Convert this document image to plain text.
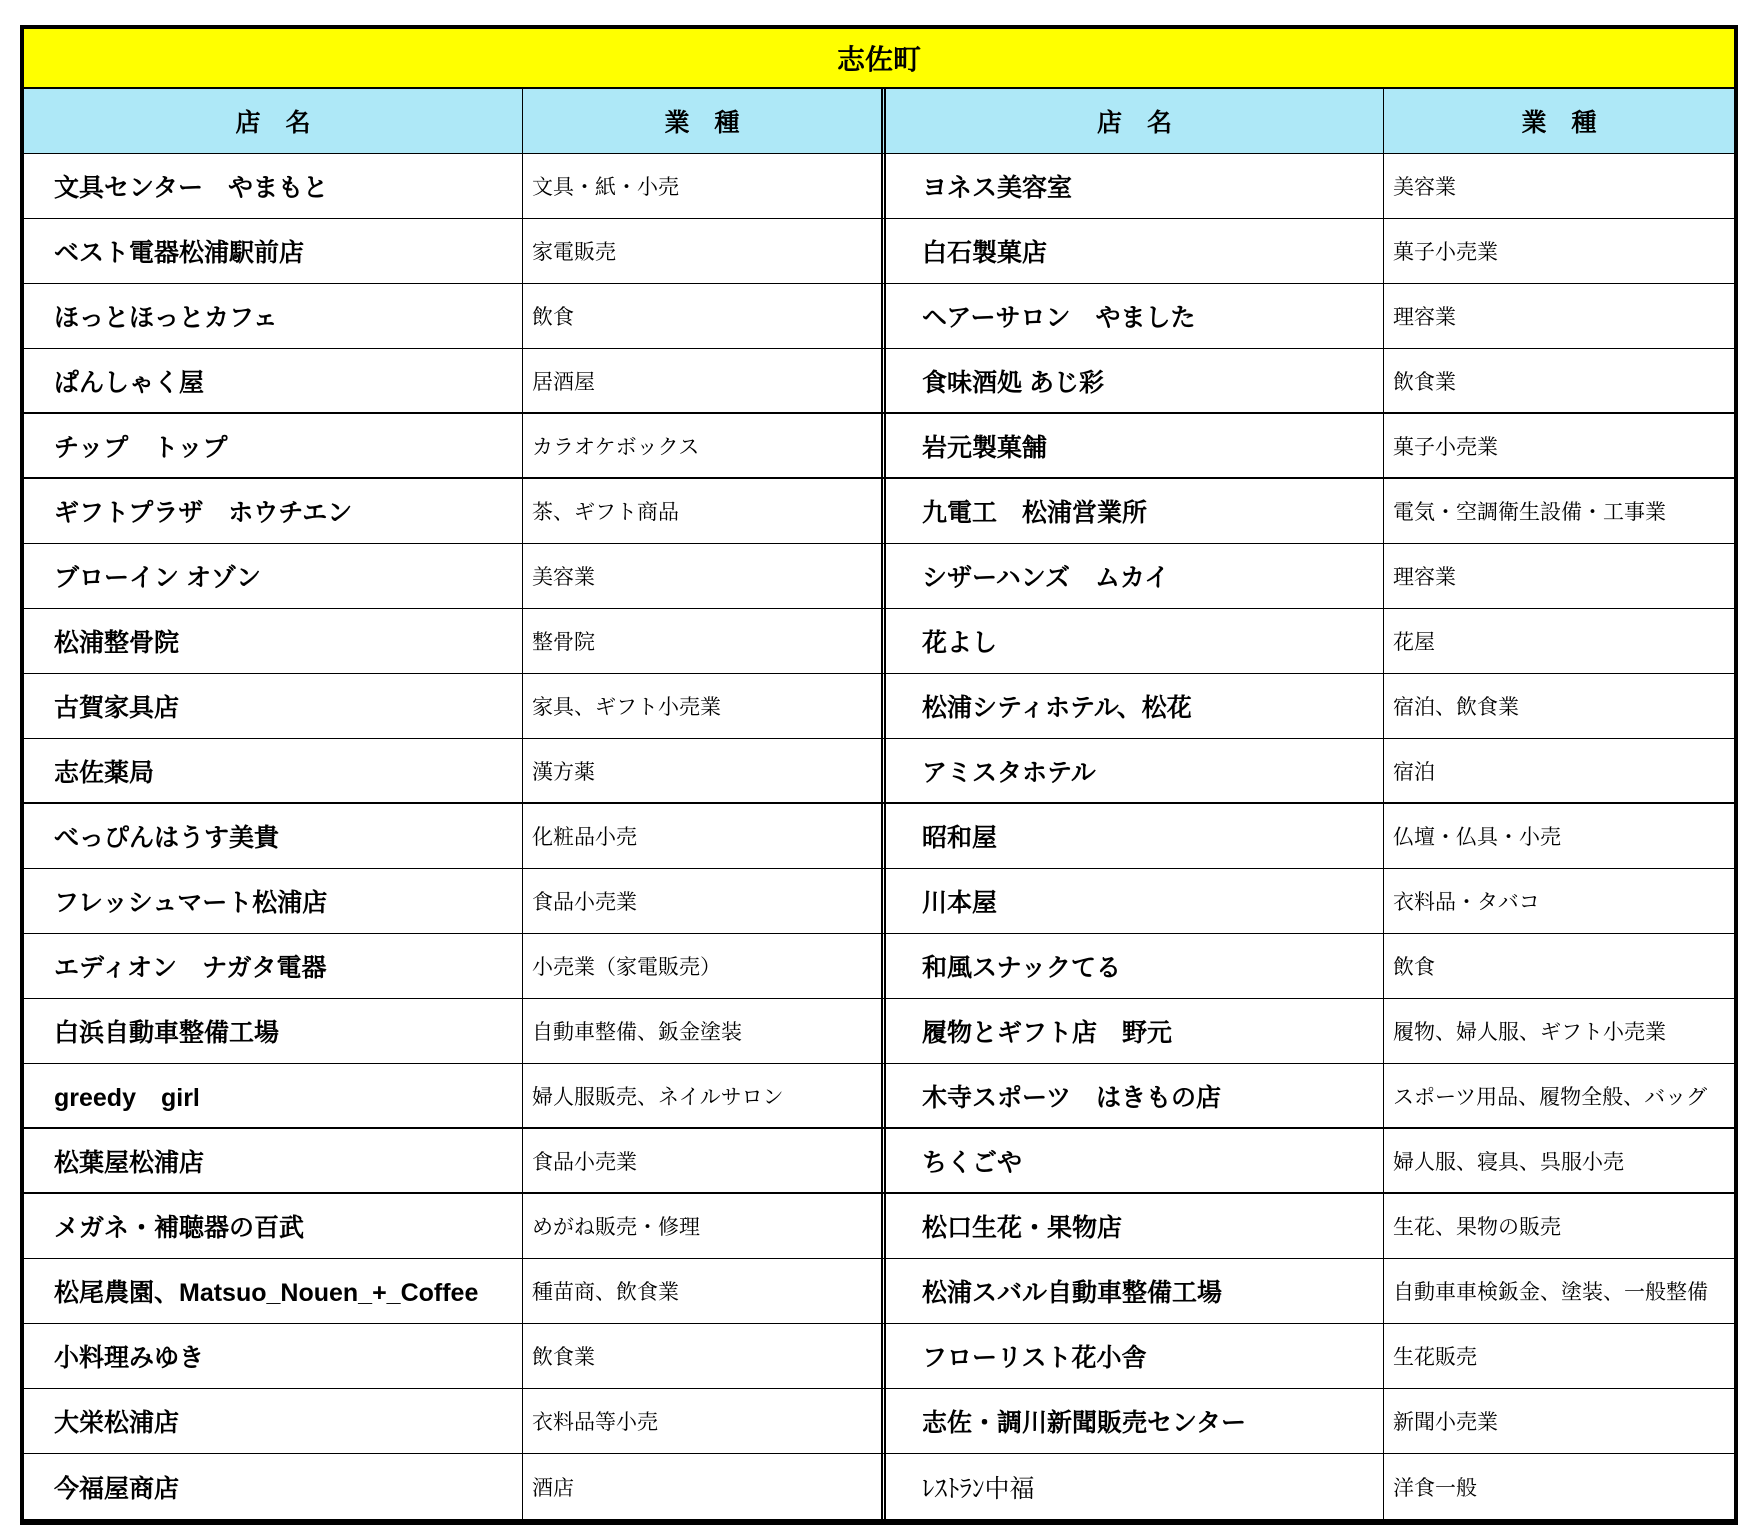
志佐町
店　名	業　種	店　名	業　種
文具センター　やまもと	文具・紙・小売	ヨネス美容室	美容業
ベスト電器松浦駅前店	家電販売	白石製菓店	菓子小売業
ほっとほっとカフェ	飲食	ヘアーサロン　やました	理容業
ぱんしゃく屋	居酒屋	食味酒処 あじ彩	飲食業
チップ　トップ	カラオケボックス	岩元製菓舗	菓子小売業
ギフトプラザ　ホウチエン	茶、ギフト商品	九電工　松浦営業所	電気・空調衛生設備・工事業
ブローイン オゾン	美容業	シザーハンズ　ムカイ	理容業
松浦整骨院	整骨院	花よし	花屋
古賀家具店	家具、ギフト小売業	松浦シティホテル、松花	宿泊、飲食業
志佐薬局	漢方薬	アミスタホテル	宿泊
べっぴんはうす美貴	化粧品小売	昭和屋	仏壇・仏具・小売
フレッシュマート松浦店	食品小売業	川本屋	衣料品・タバコ
エディオン　ナガタ電器	小売業（家電販売）	和風スナックてる	飲食
白浜自動車整備工場	自動車整備、鈑金塗装	履物とギフト店　野元	履物、婦人服、ギフト小売業
greedy　girl	婦人服販売、ネイルサロン	木寺スポーツ　はきもの店	スポーツ用品、履物全般、バッグ
松葉屋松浦店	食品小売業	ちくごや	婦人服、寝具、呉服小売
メガネ・補聴器の百武	めがね販売・修理	松口生花・果物店	生花、果物の販売
松尾農園、Matsuo_Nouen_+_Coffee	種苗商、飲食業	松浦スバル自動車整備工場	自動車車検鈑金、塗装、一般整備
小料理みゆき	飲食業	フローリスト花小舎	生花販売
大栄松浦店	衣料品等小売	志佐・調川新聞販売センター	新聞小売業
今福屋商店	酒店	ﾚｽﾄﾗﾝ中福	洋食一般
